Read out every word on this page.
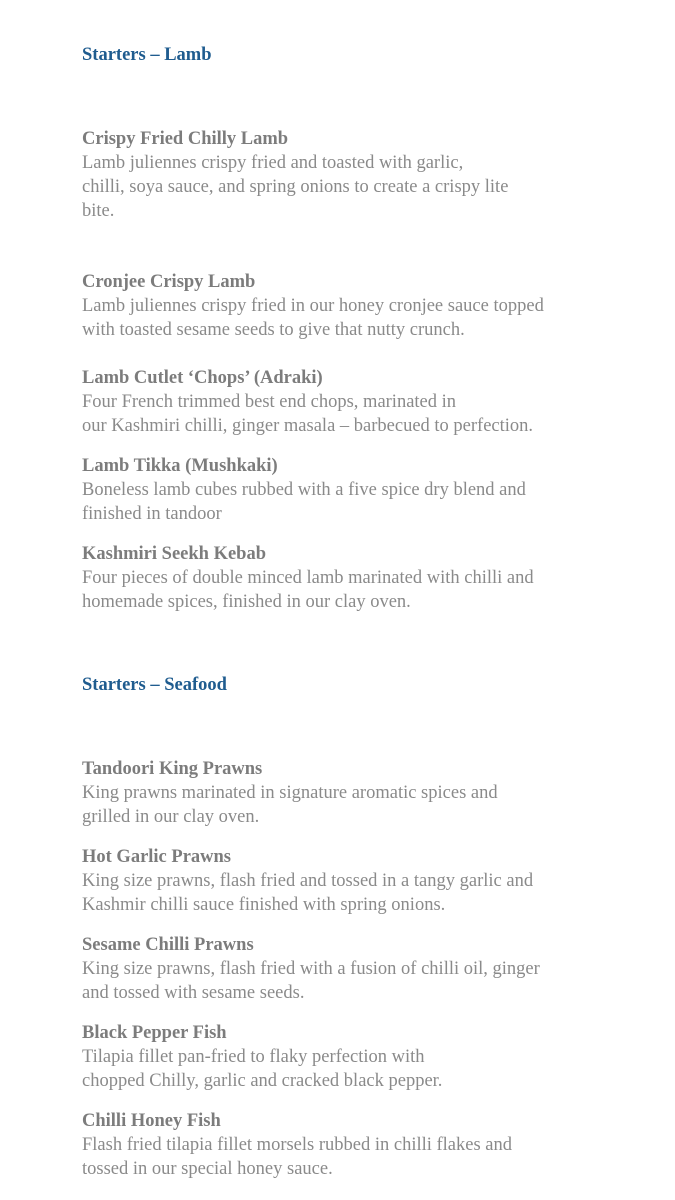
Starters – Lamb
Crispy Fried Chilly Lamb
Lamb juliennes crispy fried and toasted with garlic,
chilli, soya sauce, and spring onions to create a crispy lite
bite.
Cronjee Crispy Lamb
Lamb juliennes crispy fried in our honey cronjee sauce topped
with toasted sesame seeds to give that nutty crunch.
Lamb Cutlet ‘Chops’ (Adraki)
Four French trimmed best end chops, marinated in
our Kashmiri chilli, ginger masala – barbecued to perfection.
Lamb Tikka (Mushkaki)
Boneless lamb cubes rubbed with a five spice dry blend and
finished in tandoor
Kashmiri Seekh Kebab
Four pieces of double minced lamb marinated with chilli and
homemade spices, finished in our clay oven.
Starters – Seafood
Tandoori King Prawns
King prawns marinated in signature aromatic spices and
grilled in our clay oven.
Hot Garlic Prawns
King size prawns, flash fried and tossed in a tangy garlic and
Kashmir chilli sauce finished with spring onions.
Sesame Chilli Prawns
King size prawns, flash fried with a fusion of chilli oil, ginger
and tossed with sesame seeds.
Black Pepper Fish
Tilapia fillet pan-fried to flaky perfection with
chopped Chilly, garlic and cracked black pepper.
Chilli Honey Fish
Flash fried tilapia fillet morsels rubbed in chilli flakes and
tossed in our special honey sauce.
